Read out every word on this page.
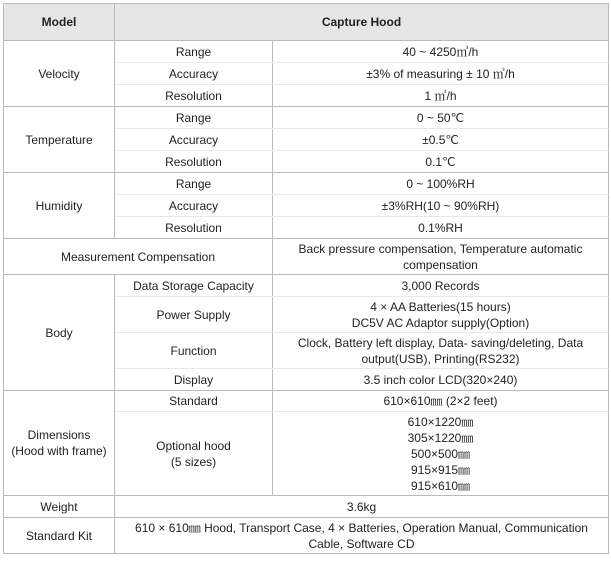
Model	Capture Hood	
Velocity	Range	40 ~ 4250㎥/h
	Accuracy	±3% of measuring ± 10 ㎥/h
	Resolution	1 ㎥/h
Temperature	Range	0 ~ 50℃
	Accuracy	±0.5℃
	Resolution	0.1℃
Humidity	Range	0 ~ 100%RH
	Accuracy	±3%RH(10 ~ 90%RH)
	Resolution	0.1%RH
Measurement Compensation		Back pressure compensation, Temperature automatic
compensation

Body	Data Storage Capacity	3,000 Records
	Power Supply	4 × AA Batteries(15 hours)
DC5V AC Adaptor supply(Option)

	Function	Clock, Battery left display, Data- saving/deleting, Data
output(USB), Printing(RS232)

	Display	3.5 inch color LCD(320×240)

Dimensions
(Hood with frame)	Standard	610×610㎜ (2×2 feet)

	Optional hood
(5 sizes)	610×1220㎜
305×1220㎜
500×500㎜
915×915㎜
915×610㎜

Weight	3.6kg	
Standard Kit	610 × 610㎜ Hood, Transport Case, 4 × Batteries, Operation Manual, Communication
Cable, Software CD	
